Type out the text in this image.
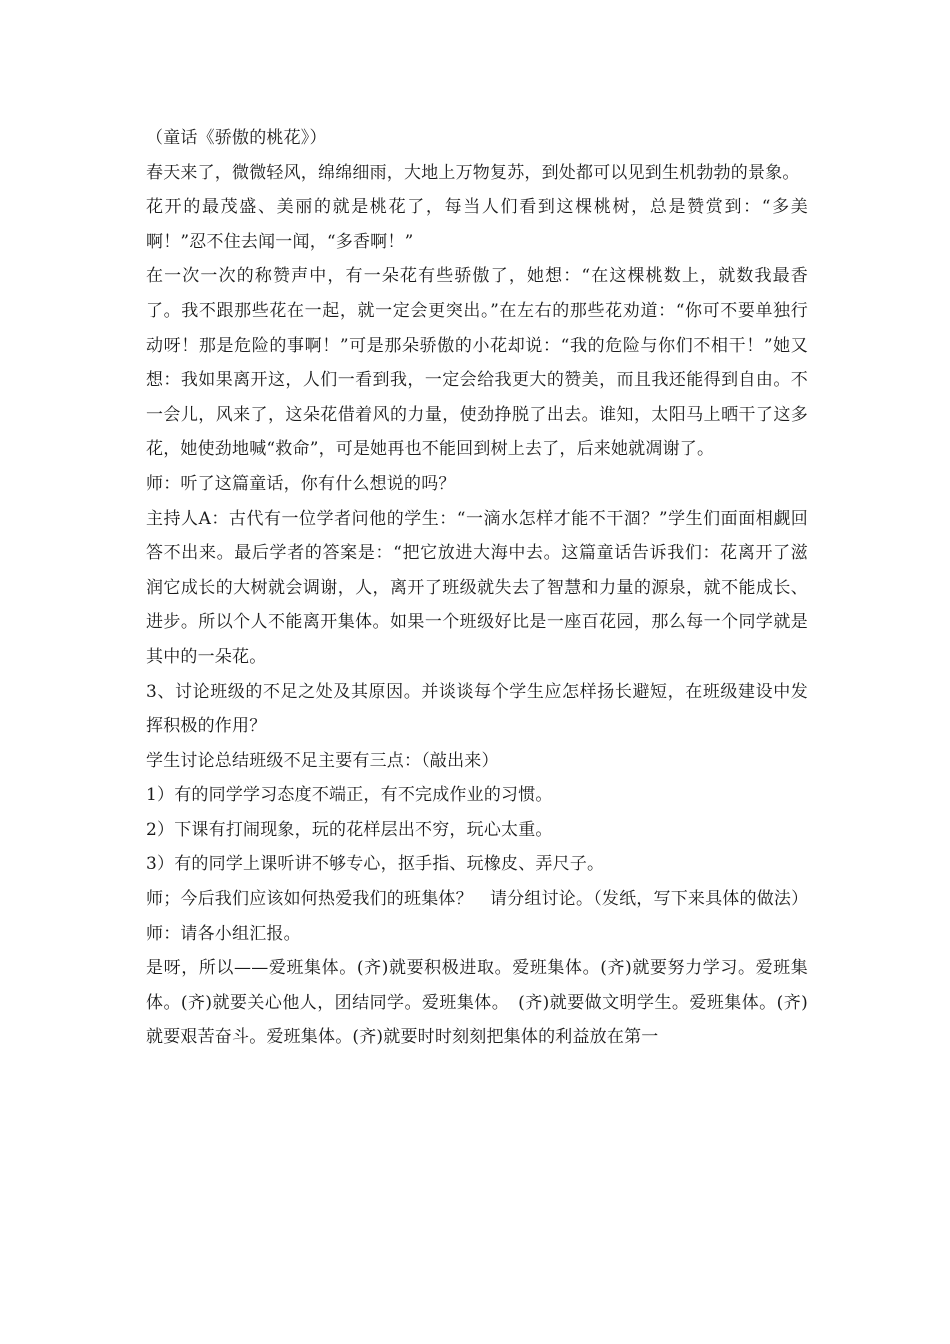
（童话《骄傲的桃花》）

春天来了，微微轻风，绵绵细雨，大地上万物复苏，到处都可以见到生机勃勃的景象。

花开的最茂盛、美丽的就是桃花了，每当人们看到这棵桃树，总是赞赏到：“多美啊！”忍不住去闻一闻，“多香啊！”

在一次一次的称赞声中，有一朵花有些骄傲了，她想：“在这棵桃数上，就数我最香了。我不跟那些花在一起，就一定会更突出。”在左右的那些花劝道：“你可不要单独行动呀！那是危险的事啊！”可是那朵骄傲的小花却说：“我的危险与你们不相干！”她又想：我如果离开这，人们一看到我，一定会给我更大的赞美，而且我还能得到自由。不一会儿，风来了，这朵花借着风的力量，使劲挣脱了出去。谁知，太阳马上晒干了这多花，她使劲地喊“救命”，可是她再也不能回到树上去了，后来她就凋谢了。

师：听了这篇童话，你有什么想说的吗？

主持人A：古代有一位学者问他的学生：“一滴水怎样才能不干涸？”学生们面面相觑回答不出来。最后学者的答案是：“把它放进大海中去。这篇童话告诉我们：花离开了滋润它成长的大树就会调谢，人，离开了班级就失去了智慧和力量的源泉，就不能成长、进步。所以个人不能离开集体。如果一个班级好比是一座百花园，那么每一个同学就是其中的一朵花。

3、讨论班级的不足之处及其原因。并谈谈每个学生应怎样扬长避短，在班级建设中发挥积极的作用？

学生讨论总结班级不足主要有三点：（敲出来）

1）有的同学学习态度不端正，有不完成作业的习惯。

2）下课有打闹现象，玩的花样层出不穷，玩心太重。

3）有的同学上课听讲不够专心，抠手指、玩橡皮、弄尺子。

师；今后我们应该如何热爱我们的班集体？　请分组讨论。（发纸，写下来具体的做法）

师：请各小组汇报。

是呀，所以——爱班集体。(齐)就要积极进取。爱班集体。(齐)就要努力学习。爱班集体。(齐)就要关心他人，团结同学。爱班集体。　(齐)就要做文明学生。爱班集体。(齐)就要艰苦奋斗。爱班集体。(齐)就要时时刻刻把集体的利益放在第一
